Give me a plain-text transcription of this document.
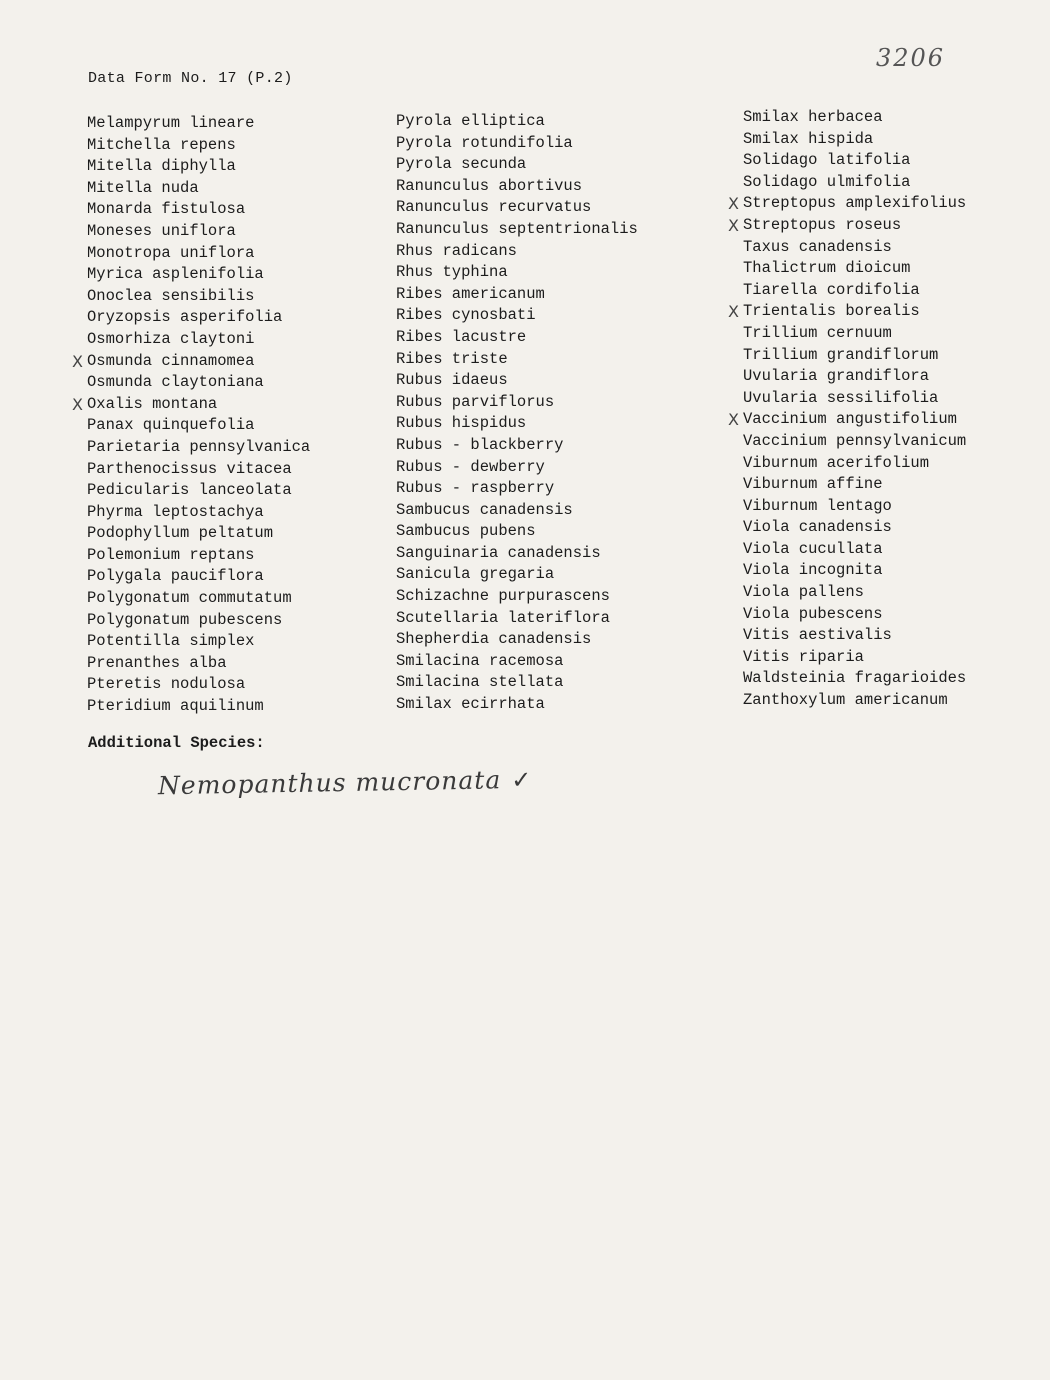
Data Form No. 17 (P.2)
3206
Melampyrum lineare
Mitchella repens
Mitella diphylla
Mitella nuda
Monarda fistulosa
Moneses uniflora
Monotropa uniflora
Myrica asplenifolia
Onoclea sensibilis
Oryzopsis asperifolia
Osmorhiza claytoni
X Osmunda cinnamomea
Osmunda claytoniana
X Oxalis montana
Panax quinquefolia
Parietaria pennsylvanica
Parthenocissus vitacea
Pedicularis lanceolata
Phyrma leptostachya
Podophyllum peltatum
Polemonium reptans
Polygala pauciflora
Polygonatum commutatum
Polygonatum pubescens
Potentilla simplex
Prenanthes alba
Pteretis nodulosa
Pteridium aquilinum
Pyrola elliptica
Pyrola rotundifolia
Pyrola secunda
Ranunculus abortivus
Ranunculus recurvatus
Ranunculus septentrionalis
Rhus radicans
Rhus typhina
Ribes americanum
Ribes cynosbati
Ribes lacustre
Ribes triste
Rubus idaeus
Rubus parviflorus
Rubus hispidus
Rubus - blackberry
Rubus - dewberry
Rubus - raspberry
Sambucus canadensis
Sambucus pubens
Sanguinaria canadensis
Sanicula gregaria
Schizachne purpurascens
Scutellaria lateriflora
Shepherdia canadensis
Smilacina racemosa
Smilacina stellata
Smilax ecirrhata
Smilax herbacea
Smilax hispida
Solidago latifolia
Solidago ulmifolia
X Streptopus amplexifolius
X Streptopus roseus
Taxus canadensis
Thalictrum dioicum
Tiarella cordifolia
X Trientalis borealis
Trillium cernuum
Trillium grandiflorum
Uvularia grandiflora
Uvularia sessilifolia
X Vaccinium angustifolium
Vaccinium pennsylvanicum
Viburnum acerifolium
Viburnum affine
Viburnum lentago
Viola canadensis
Viola cucullata
Viola incognita
Viola pallens
Viola pubescens
Vitis aestivalis
Vitis riparia
Waldsteinia fragarioides
Zanthoxylum americanum
Additional Species:
Nemopanthus mucronata ✓
